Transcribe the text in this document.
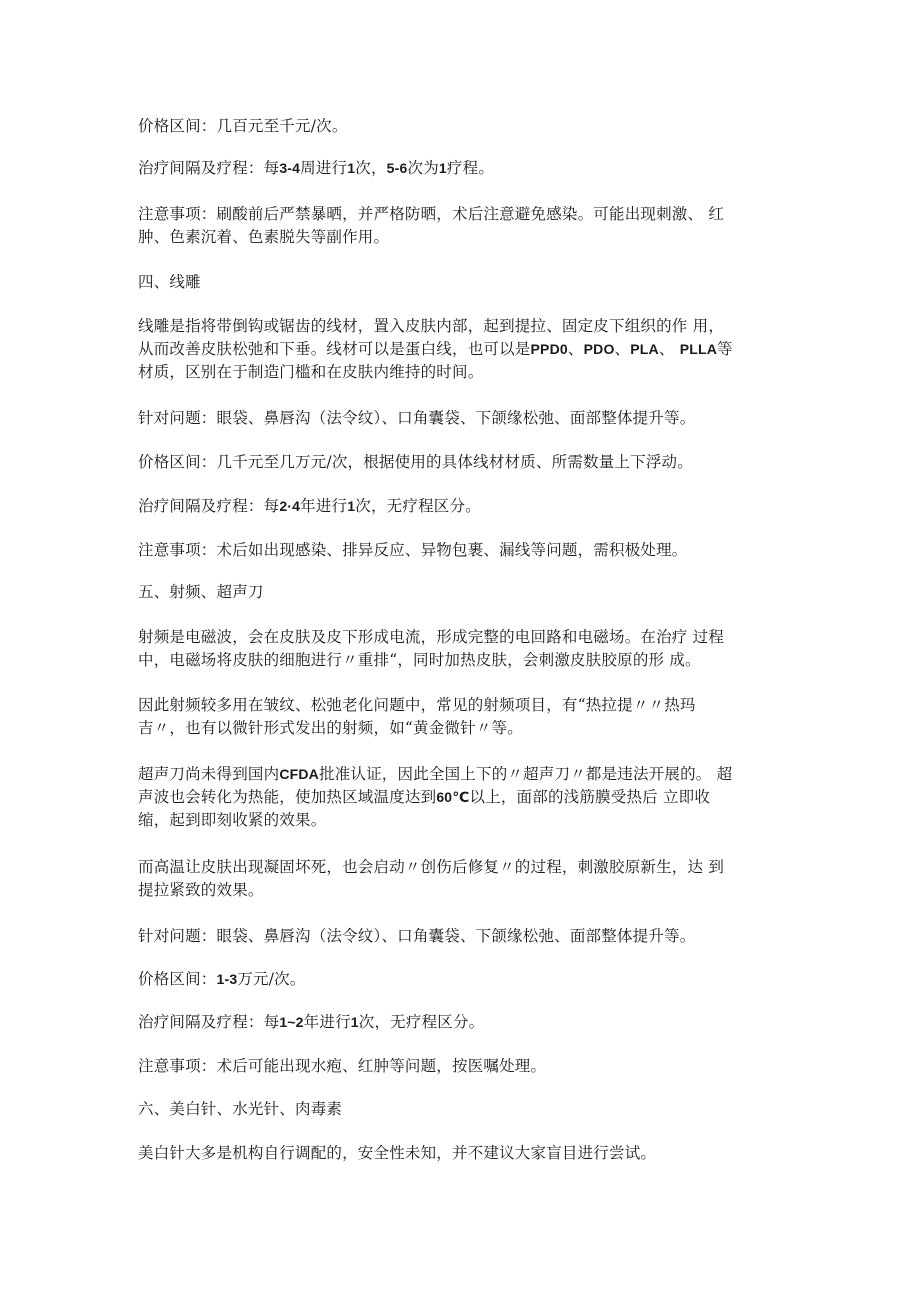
价格区间：几百元至千元/次。

治疗间隔及疗程：每3-4周进行1次，5-6次为1疗程。

注意事项：刷酸前后严禁暴晒，并严格防晒，术后注意避免感染。可能出现刺激、 红
肿、色素沉着、色素脱失等副作用。

四、线雕

线雕是指将带倒钩或锯齿的线材，置入皮肤内部，起到提拉、固定皮下组织的作 用，
从而改善皮肤松弛和下垂。线材可以是蛋白线，也可以是PPD0、PDO、PLA、 PLLA等
材质，区别在于制造门槛和在皮肤内维持的时间。

针对问题：眼袋、鼻唇沟（法令纹）、口角囊袋、下颌缘松弛、面部整体提升等。

价格区间：几千元至几万元/次，根据使用的具体线材材质、所需数量上下浮动。

治疗间隔及疗程：每2·4年进行1次，无疗程区分。

注意事项：术后如出现感染、排异反应、异物包裹、漏线等问题，需积极处理。

五、射频、超声刀

射频是电磁波，会在皮肤及皮下形成电流，形成完整的电回路和电磁场。在治疗 过程
中，电磁场将皮肤的细胞进行〃重排“，同时加热皮肤，会刺激皮肤胶原的形 成。

因此射频较多用在皱纹、松弛老化问题中，常见的射频项目，有“热拉提〃〃热玛
吉〃，也有以微针形式发出的射频，如“黄金微针〃等。

超声刀尚未得到国内CFDA批准认证，因此全国上下的〃超声刀〃都是违法开展的。 超
声波也会转化为热能，使加热区域温度达到60℃以上，面部的浅筋膜受热后 立即收
缩，起到即刻收紧的效果。

而高温让皮肤出现凝固坏死，也会启动〃创伤后修复〃的过程，刺激胶原新生，达 到
提拉紧致的效果。

针对问题：眼袋、鼻唇沟（法令纹）、口角囊袋、下颌缘松弛、面部整体提升等。

价格区间：1-3万元/次。

治疗间隔及疗程：每1~2年进行1次，无疗程区分。

注意事项：术后可能出现水疱、红肿等问题，按医嘱处理。

六、美白针、水光针、肉毒素

美白针大多是机构自行调配的，安全性未知，并不建议大家盲目进行尝试。
